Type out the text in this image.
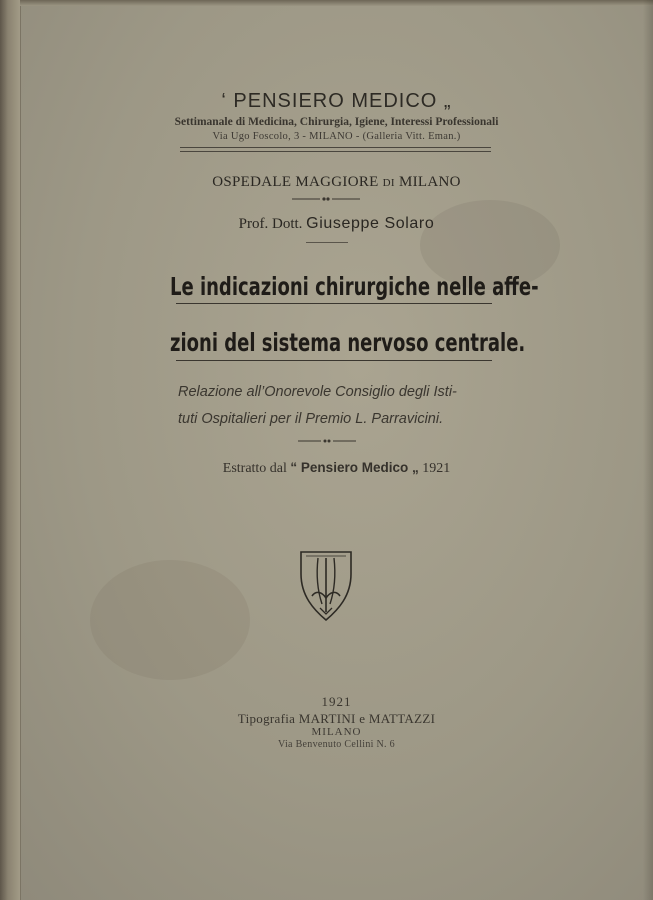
‘ PENSIERO MEDICO „
Settimanale di Medicina, Chirurgia, Igiene, Interessi Professionali
Via Ugo Foscolo, 3 - MILANO - (Galleria Vitt. Eman.)
OSPEDALE MAGGIORE DI MILANO
Prof. Dott. Giuseppe Solaro
Le indicazioni chirurgiche nelle affe-
zioni del sistema nervoso centrale.
Relazione all’Onorevole Consiglio degli Isti-
tuti Ospitalieri per il Premio L. Parravicini.
Estratto dal “ Pensiero Medico „ 1921
1921
Tipografia MARTINI e MATTAZZI
MILANO
Via Benvenuto Cellini N. 6
